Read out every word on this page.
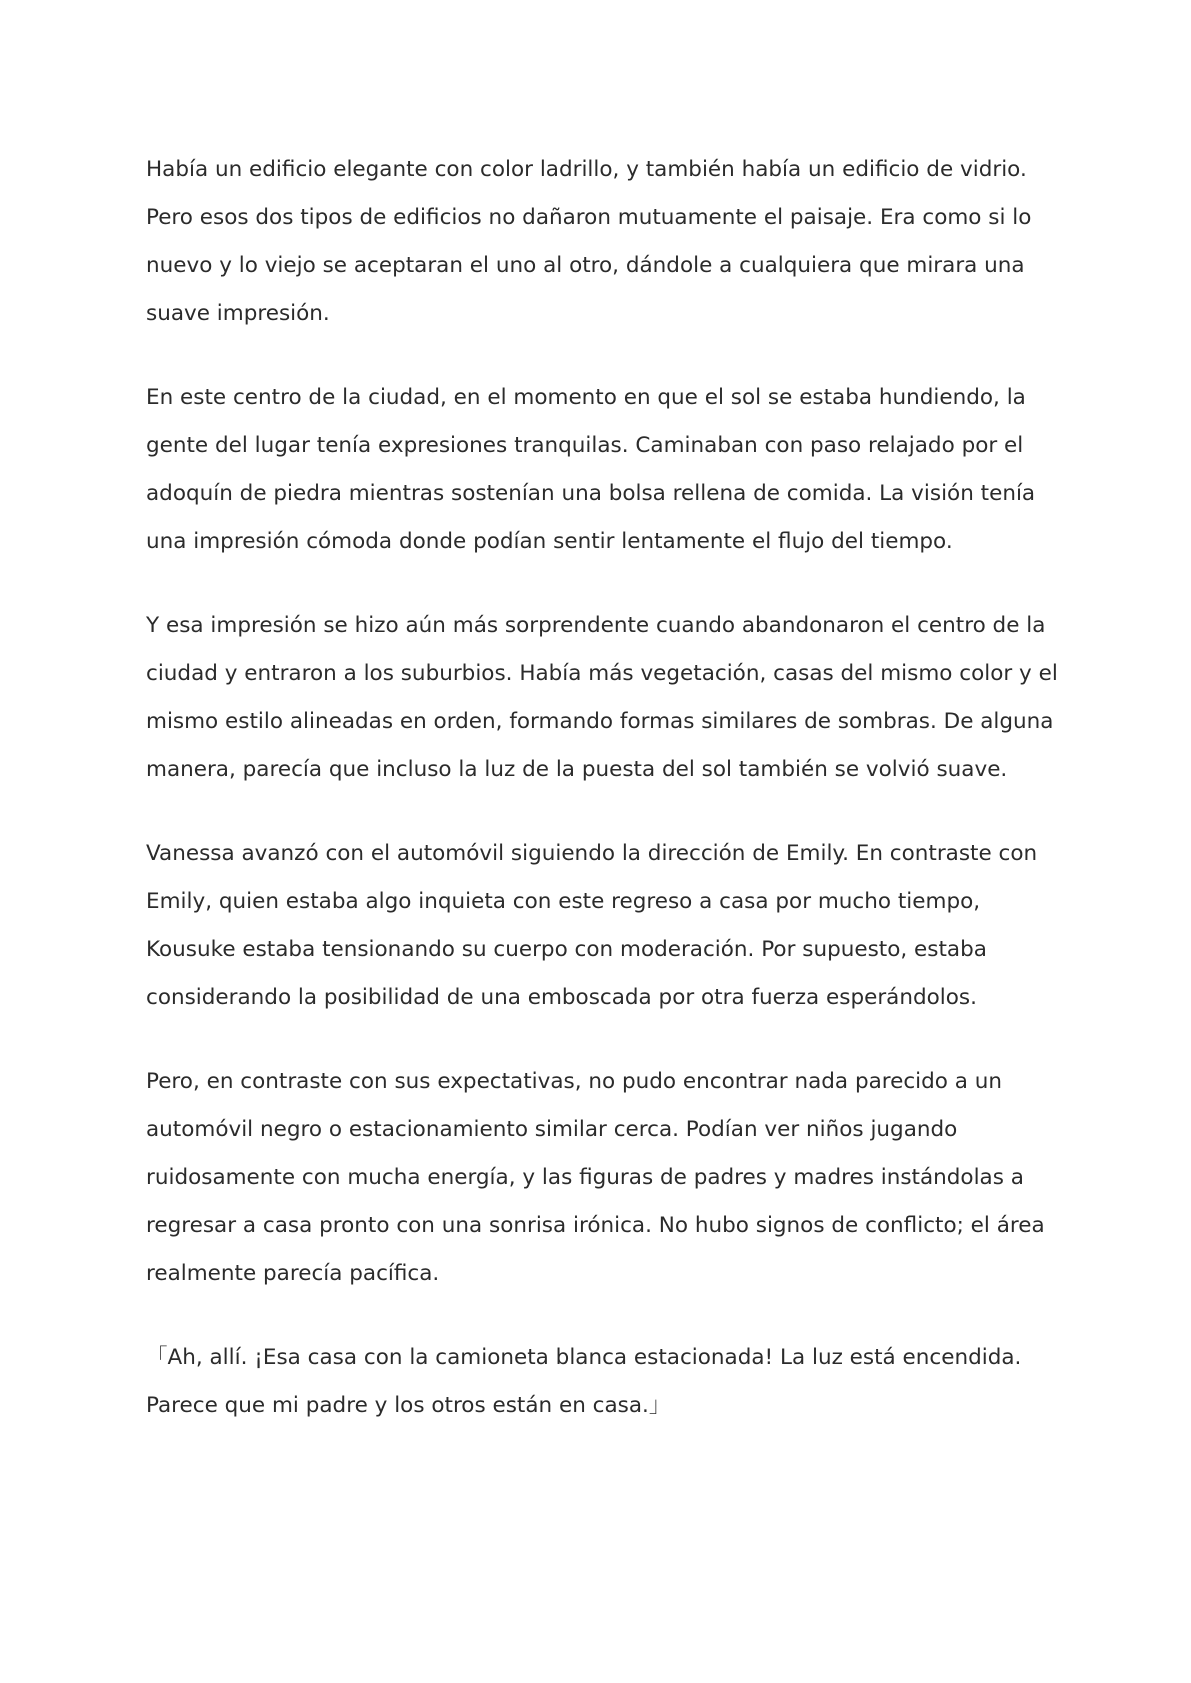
Había un edificio elegante con color ladrillo, y también había un edificio de vidrio. Pero esos dos tipos de edificios no dañaron mutuamente el paisaje. Era como si lo nuevo y lo viejo se aceptaran el uno al otro, dándole a cualquiera que mirara una suave impresión.

En este centro de la ciudad, en el momento en que el sol se estaba hundiendo, la gente del lugar tenía expresiones tranquilas. Caminaban con paso relajado por el adoquín de piedra mientras sostenían una bolsa rellena de comida. La visión tenía una impresión cómoda donde podían sentir lentamente el flujo del tiempo.

Y esa impresión se hizo aún más sorprendente cuando abandonaron el centro de la ciudad y entraron a los suburbios. Había más vegetación, casas del mismo color y el mismo estilo alineadas en orden, formando formas similares de sombras. De alguna manera, parecía que incluso la luz de la puesta del sol también se volvió suave.

Vanessa avanzó con el automóvil siguiendo la dirección de Emily. En contraste con Emily, quien estaba algo inquieta con este regreso a casa por mucho tiempo, Kousuke estaba tensionando su cuerpo con moderación. Por supuesto, estaba considerando la posibilidad de una emboscada por otra fuerza esperándolos.

Pero, en contraste con sus expectativas, no pudo encontrar nada parecido a un automóvil negro o estacionamiento similar cerca. Podían ver niños jugando ruidosamente con mucha energía, y las figuras de padres y madres instándolas a regresar a casa pronto con una sonrisa irónica. No hubo signos de conflicto; el área realmente parecía pacífica.

「Ah, allí. ¡Esa casa con la camioneta blanca estacionada! La luz está encendida. Parece que mi padre y los otros están en casa.」
